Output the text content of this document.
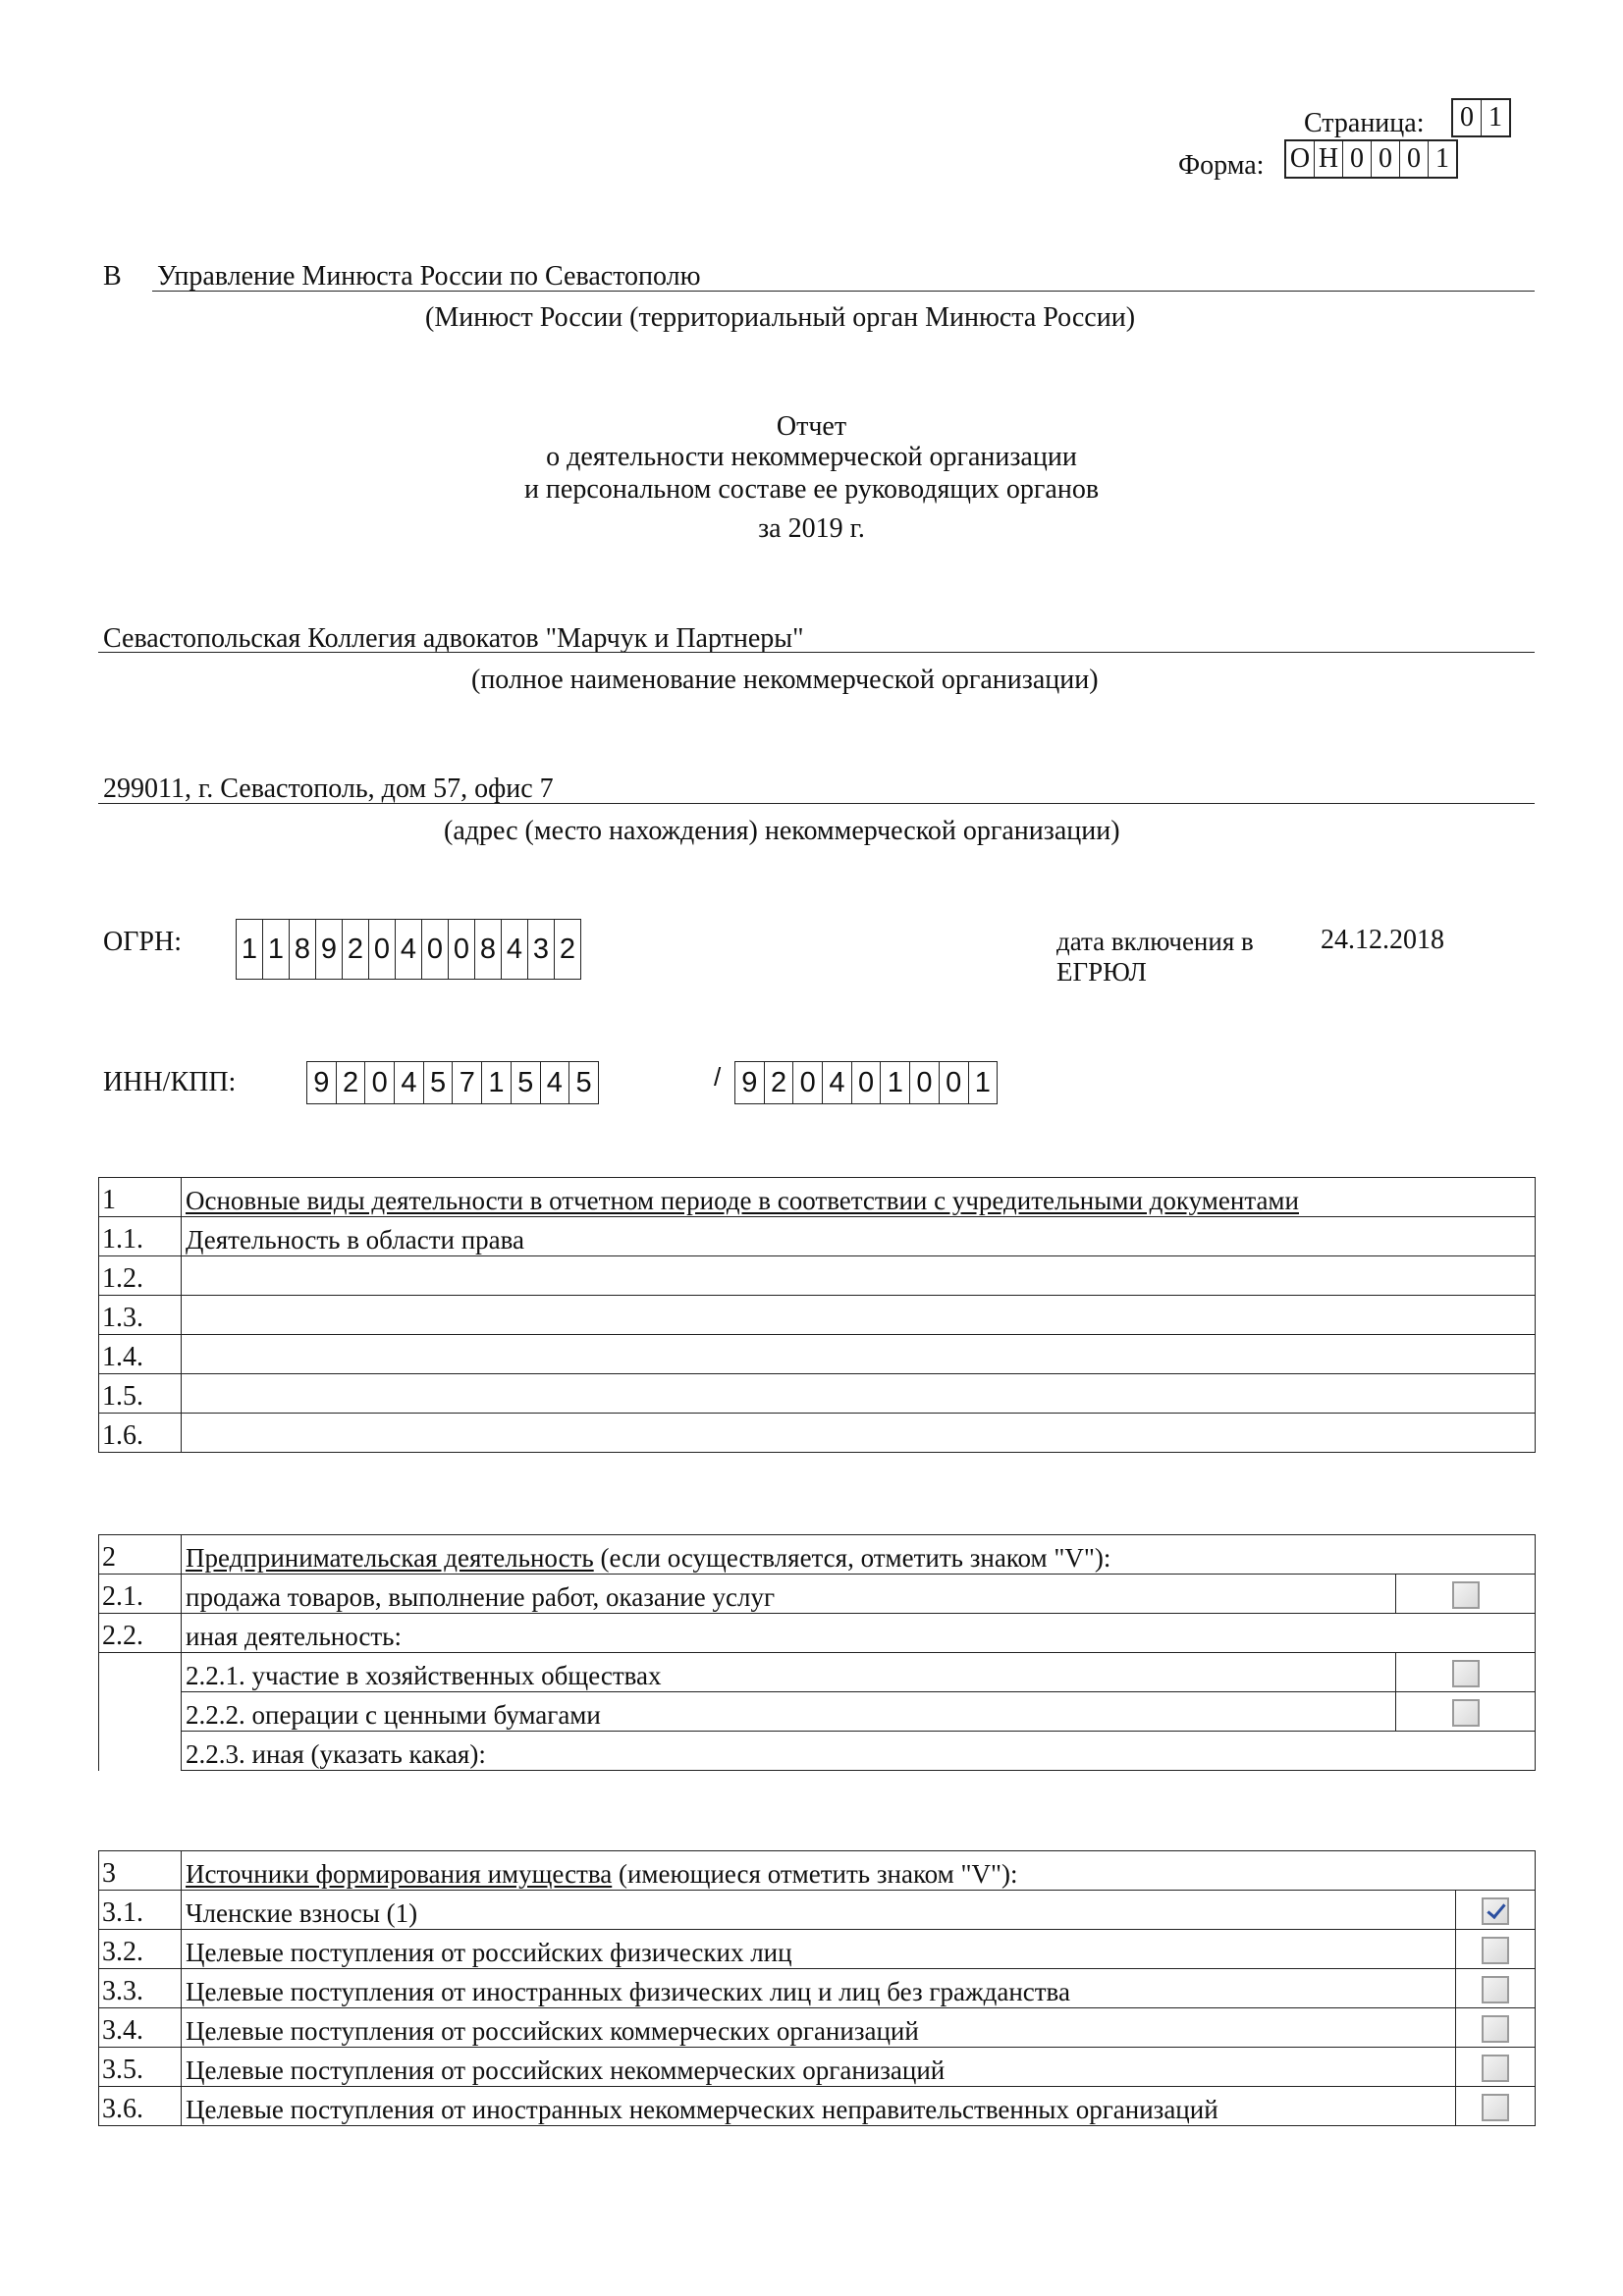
Страница: 0 1
Форма: О Н 0 0 0 1
В Управление Минюста России по Севастополю
(Минюст России (территориальный орган Минюста России)
Отчет
о деятельности некоммерческой организации
и персональном составе ее руководящих органов
за 2019 г.
Севастопольская Коллегия адвокатов "Марчук и Партнеры"
(полное наименование некоммерческой организации)
299011, г. Севастополь, дом 57, офис 7
(адрес (место нахождения) некоммерческой организации)
ОГРН: 1 1 8 9 2 0 4 0 0 8 4 3 2	дата включения в
ЕГРЮЛ
24.12.2018
ИНН/КПП:	9 2 0 4 5 7 1 5 4 5	/ 9 2 0 4 0 1 0 0 1
1	Основные виды деятельности в отчетном периоде в соответствии с учредительными документами
1.1.	Деятельность в области права
1.2.	
1.3.	
1.4.	
1.5.	
1.6.	
2	Предпринимательская деятельность (если осуществляется, отметить знаком "V"):	
2.1.	продажа товаров, выполнение работ, оказание услуг	
2.2.	иная деятельность:	
	2.2.1. участие в хозяйственных обществах	
	2.2.2. операции с ценными бумагами	
	2.2.3. иная (указать какая):	
3	Источники формирования имущества (имеющиеся отметить знаком "V"):	
3.1.	Членские взносы (1)	
3.2.	Целевые поступления от российских физических лиц	
3.3.	Целевые поступления от иностранных физических лиц и лиц без гражданства	
3.4.	Целевые поступления от российских коммерческих организаций	
3.5.	Целевые поступления от российских некоммерческих организаций	
3.6.	Целевые поступления от иностранных некоммерческих неправительственных организаций	
